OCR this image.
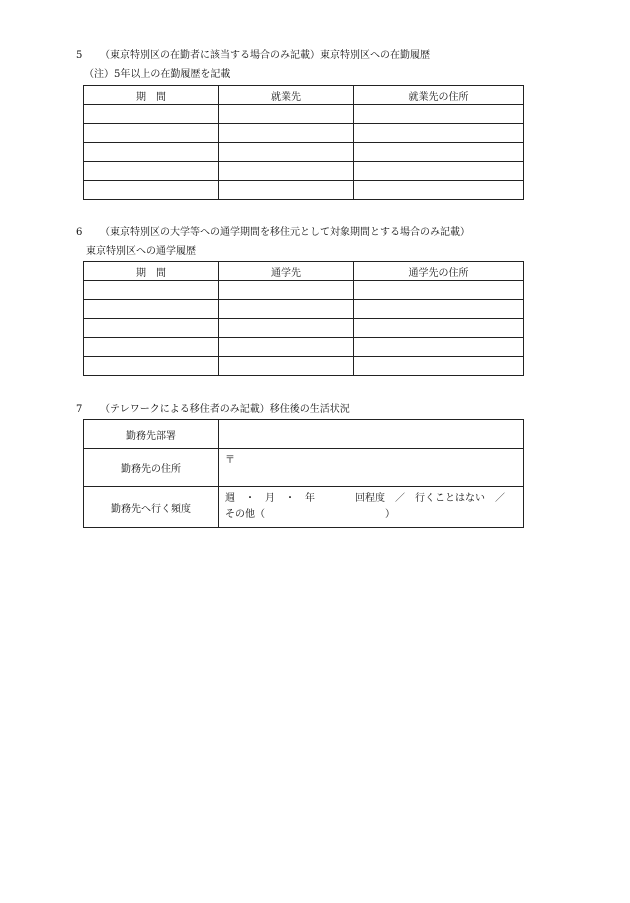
5 （東京特別区の在勤者に該当する場合のみ記載）東京特別区への在勤履歴
（注）5年以上の在勤履歴を記載
期　間	就業先	就業先の住所

6 （東京特別区の大学等への通学期間を移住元として対象期間とする場合のみ記載）
東京特別区への通学履歴
期　間	通学先	通学先の住所

7 （テレワークによる移住者のみ記載）移住後の生活状況
勤務先部署	
勤務先の住所	〒

勤務先へ行く頻度	週　・　月　・　年　　　　回程度　／　行くことはない　／
その他（　　　　　　　　　　　　）
